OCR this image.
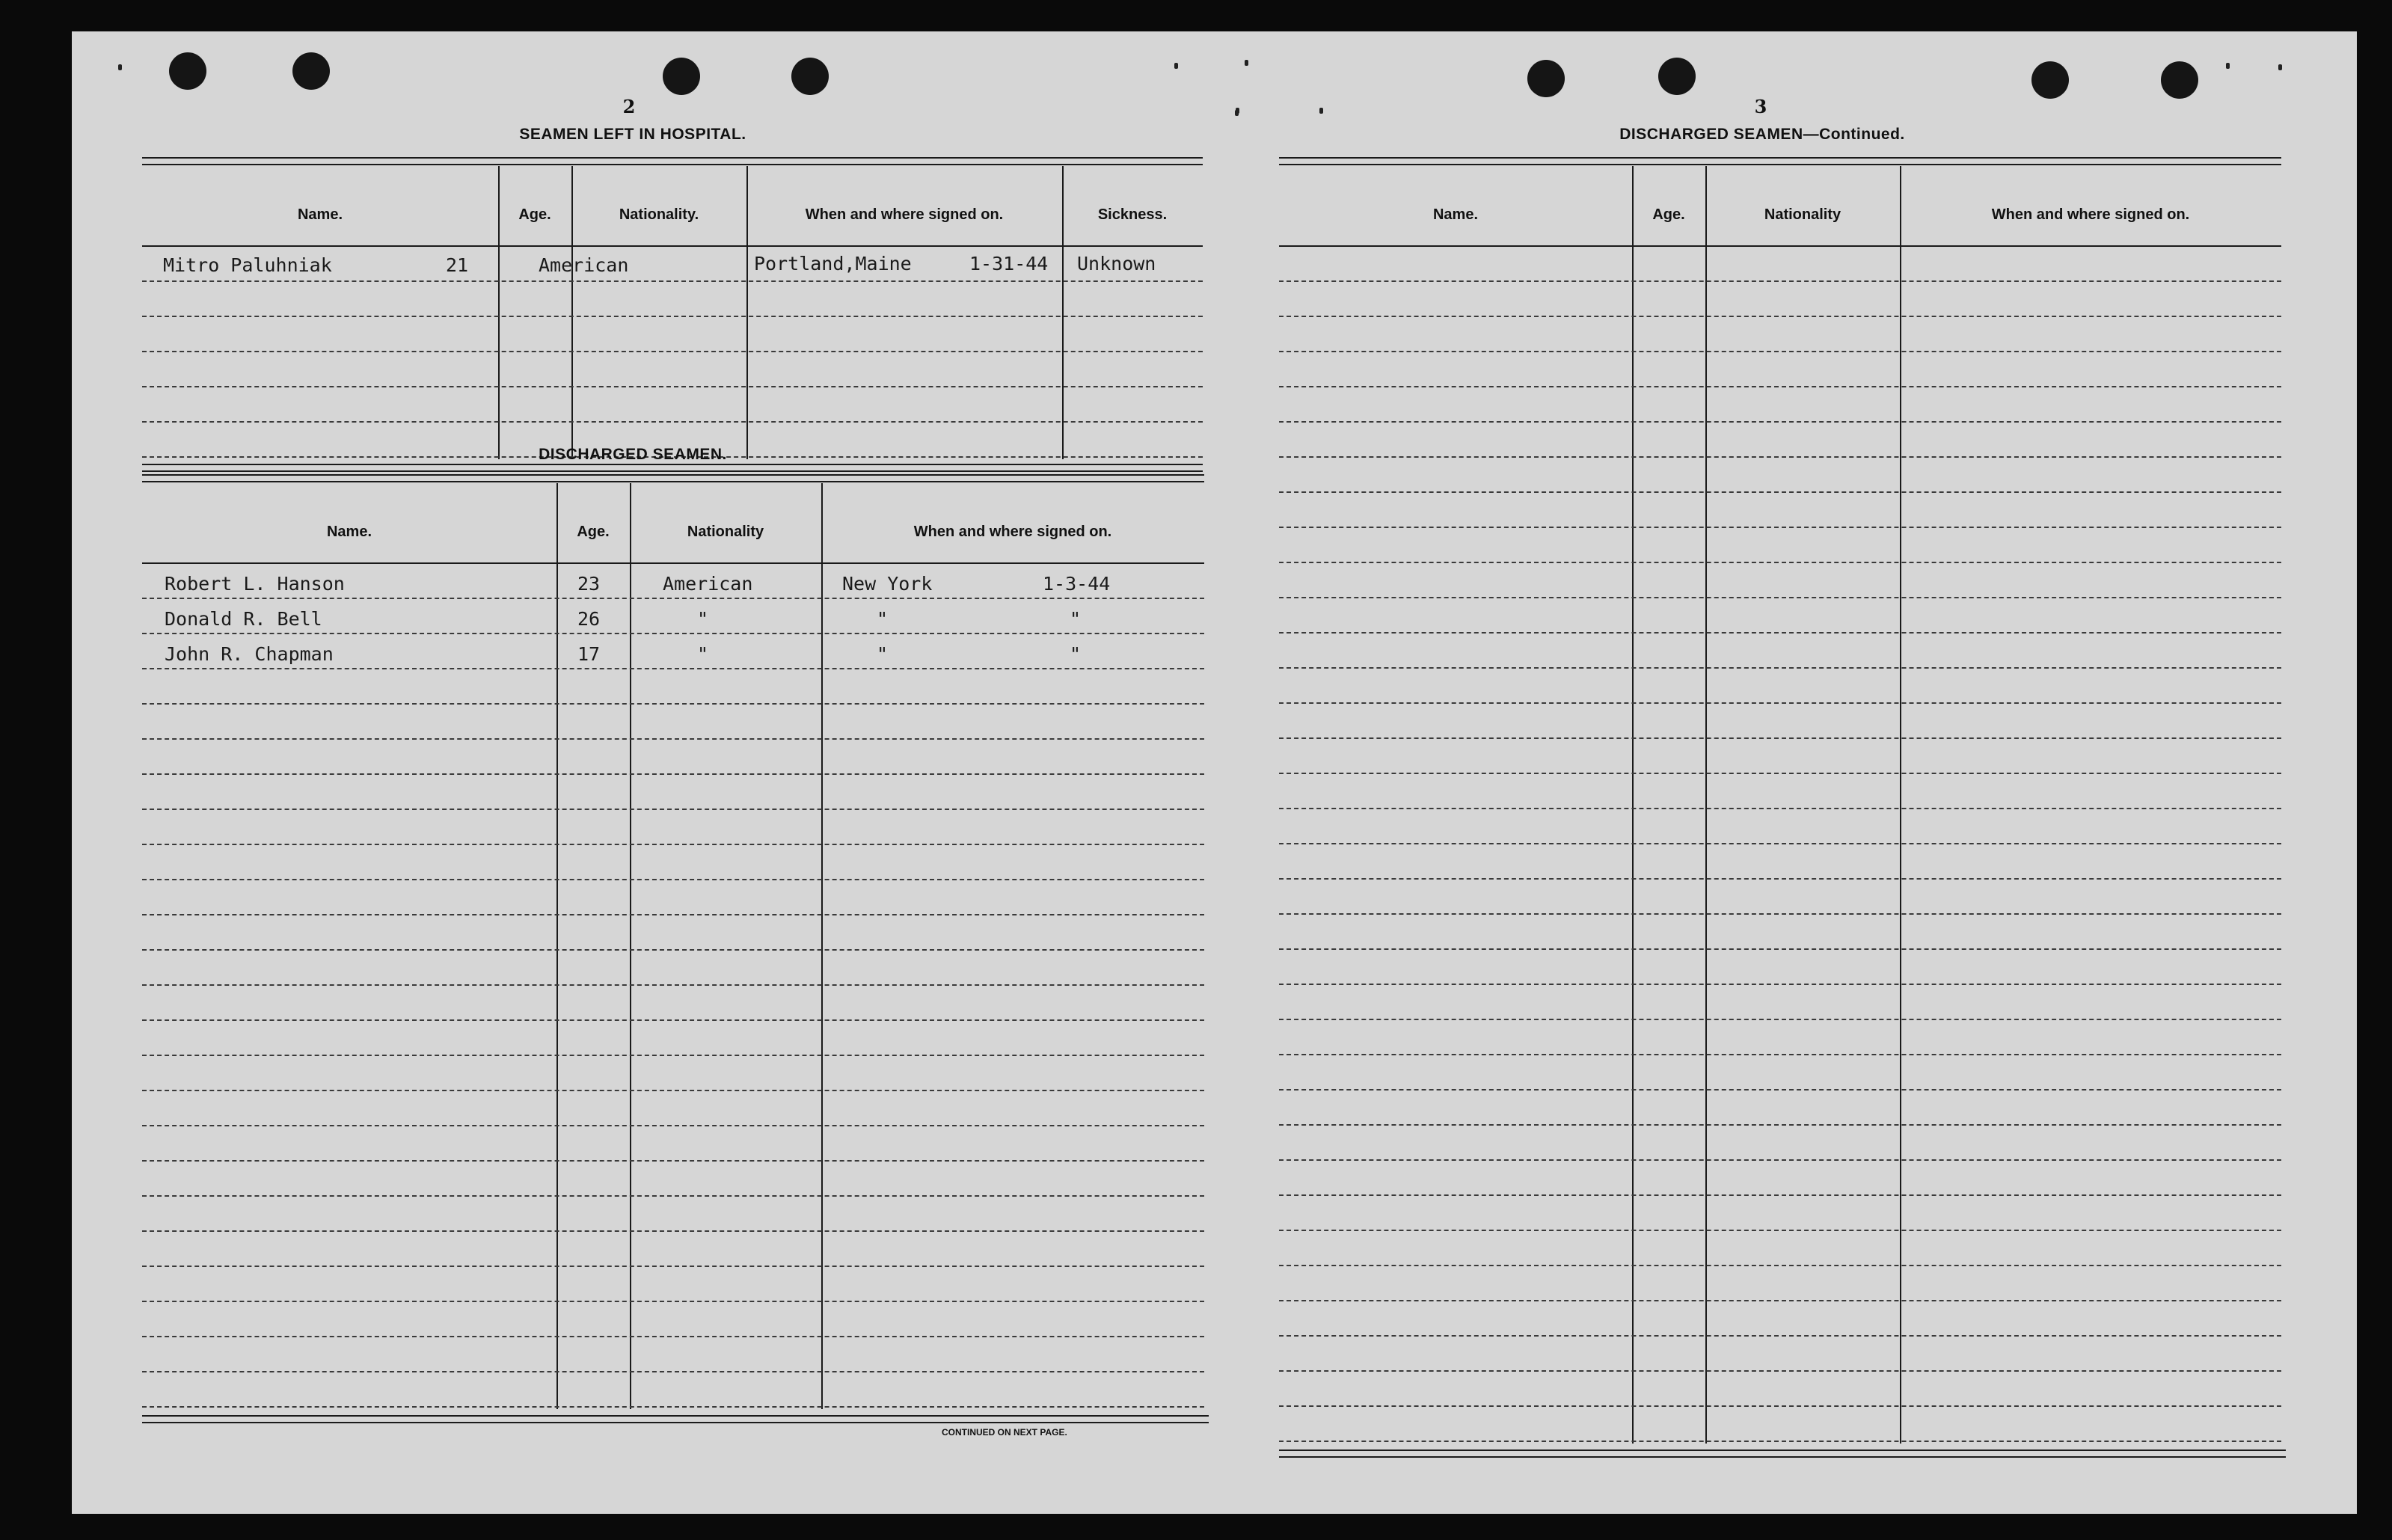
2
SEAMEN LEFT IN HOSPITAL.
Name.	Age.	Nationality.	When and where signed on.	Sickness.
Mitro Paluhniak	21	American	Portland,Maine	1-31-44 Unknown
DISCHARGED SEAMEN.
Name.	Age.	Nationality	When and where signed on.
Robert L. Hanson	23	American	New York	1-3-44
Donald R. Bell	26	"	"	"
John R. Chapman	17	"	"	"
CONTINUED ON NEXT PAGE.
3
DISCHARGED SEAMEN—Continued.
Name.	Age.	Nationality	When and where signed on.
